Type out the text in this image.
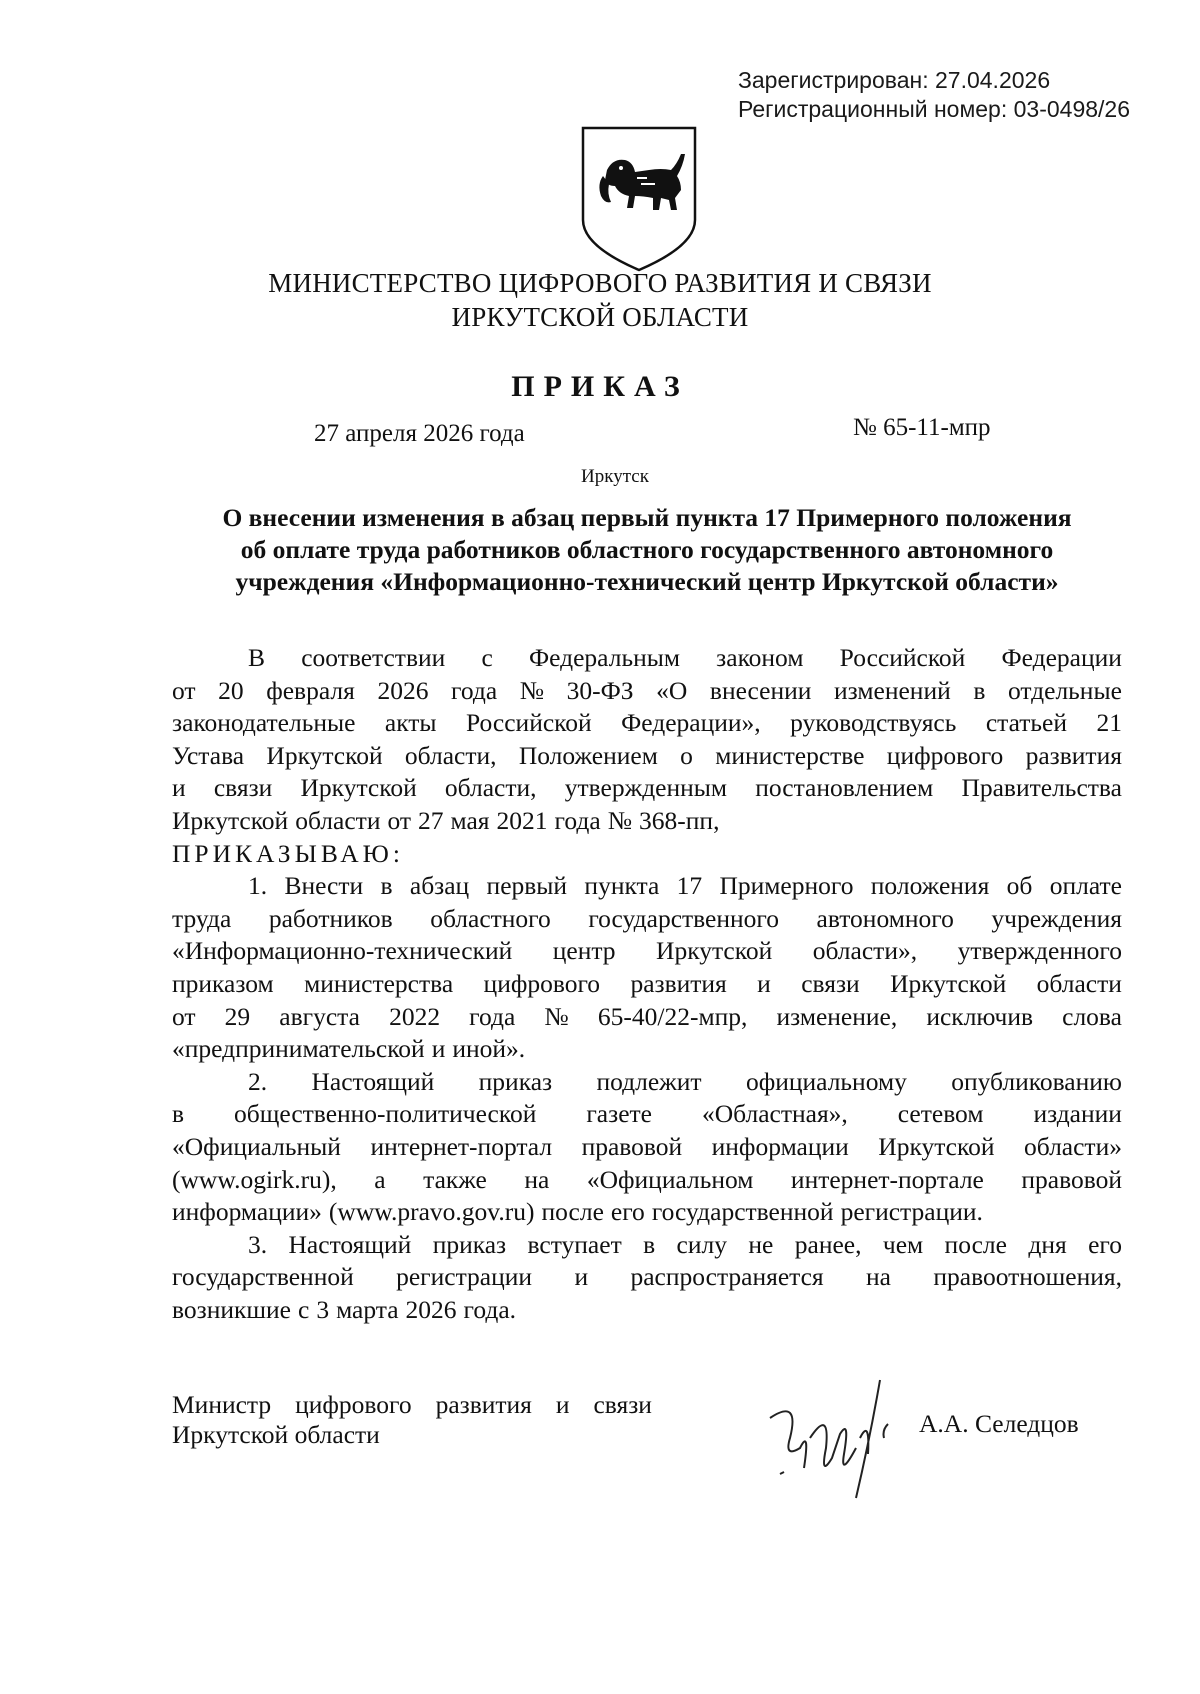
Зарегистрирован: 27.04.2026
Регистрационный номер: 03-0498/26
МИНИСТЕРСТВО ЦИФРОВОГО РАЗВИТИЯ И СВЯЗИ
ИРКУТСКОЙ ОБЛАСТИ
ПРИКАЗ
27 апреля 2026 года	№ 65-11-мпр
Иркутск
О внесении изменения в абзац первый пункта 17 Примерного положения
об оплате труда работников областного государственного автономного
учреждения «Информационно-технический центр Иркутской области»
В соответствии с Федеральным законом Российской Федерации
от 20 февраля 2026 года № 30-ФЗ «О внесении изменений в отдельные
законодательные акты Российской Федерации», руководствуясь статьей 21
Устава Иркутской области, Положением о министерстве цифрового развития
и связи Иркутской области, утвержденным постановлением Правительства
Иркутской области от 27 мая 2021 года № 368-пп,
ПРИКАЗЫВАЮ:
1. Внести в абзац первый пункта 17 Примерного положения об оплате
труда работников областного государственного автономного учреждения
«Информационно-технический центр Иркутской области», утвержденного
приказом министерства цифрового развития и связи Иркутской области
от 29 августа 2022 года № 65-40/22-мпр, изменение, исключив слова
«предпринимательской и иной».
2. Настоящий приказ подлежит официальному опубликованию
в общественно-политической газете «Областная», сетевом издании
«Официальный интернет-портал правовой информации Иркутской области»
(www.ogirk.ru), а также на «Официальном интернет-портале правовой
информации» (www.pravo.gov.ru) после его государственной регистрации.
3. Настоящий приказ вступает в силу не ранее, чем после дня его
государственной регистрации и распространяется на правоотношения,
возникшие с 3 марта 2026 года.
Министр цифрового развития и связи
Иркутской области	А.А. Селедцов
